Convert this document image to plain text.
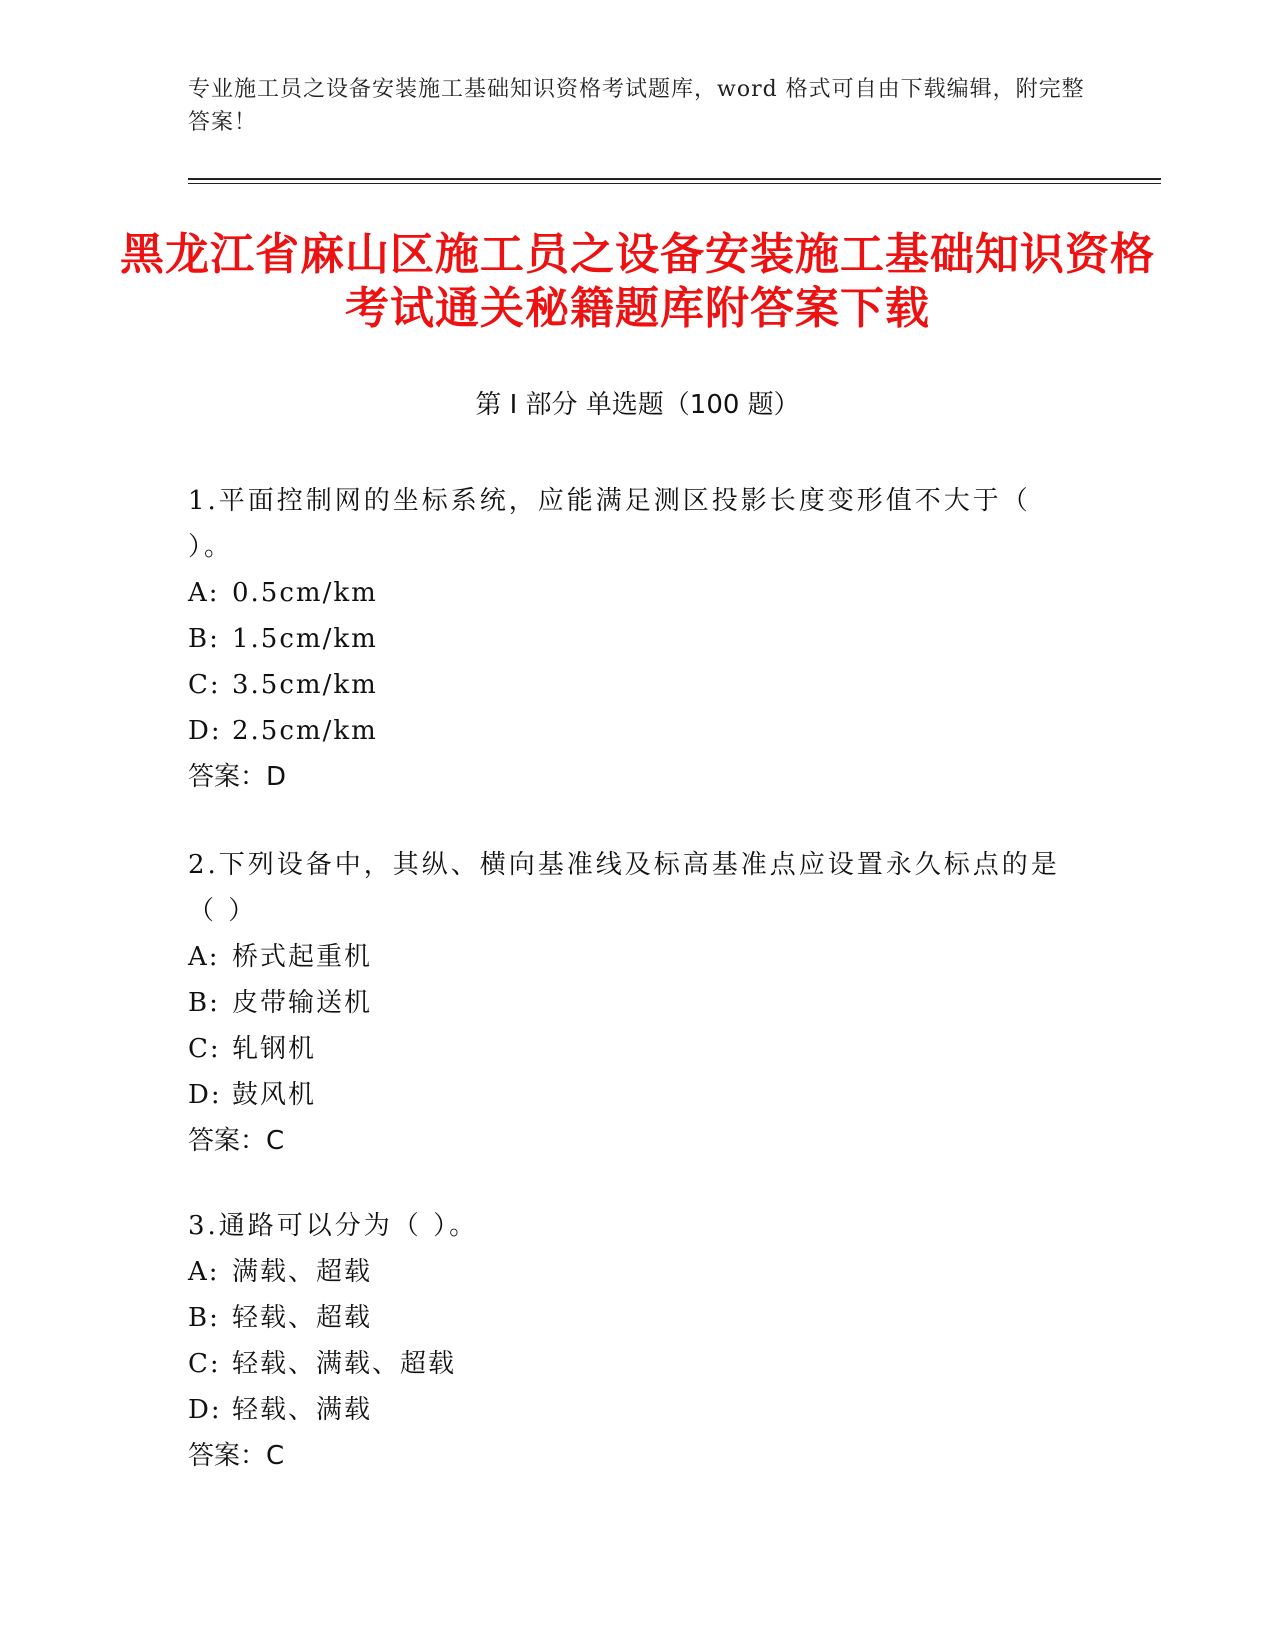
专业施工员之设备安装施工基础知识资格考试题库，word 格式可自由下载编辑，附完整答案！
黑龙江省麻山区施工员之设备安装施工基础知识资格考试通关秘籍题库附答案下载
第 I 部分 单选题（100 题）

1.平面控制网的坐标系统，应能满足测区投影长度变形值不大于（ ）。

A: 0.5cm/km
B: 1.5cm/km
C: 3.5cm/km
D: 2.5cm/km

答案：D

2.下列设备中，其纵、横向基准线及标高基准点应设置永久标点的是（ ）

A: 桥式起重机
B: 皮带输送机
C: 轧钢机
D: 鼓风机

答案：C

3.通路可以分为（ ）。

A: 满载、超载
B: 轻载、超载
C: 轻载、满载、超载
D: 轻载、满载

答案：C
